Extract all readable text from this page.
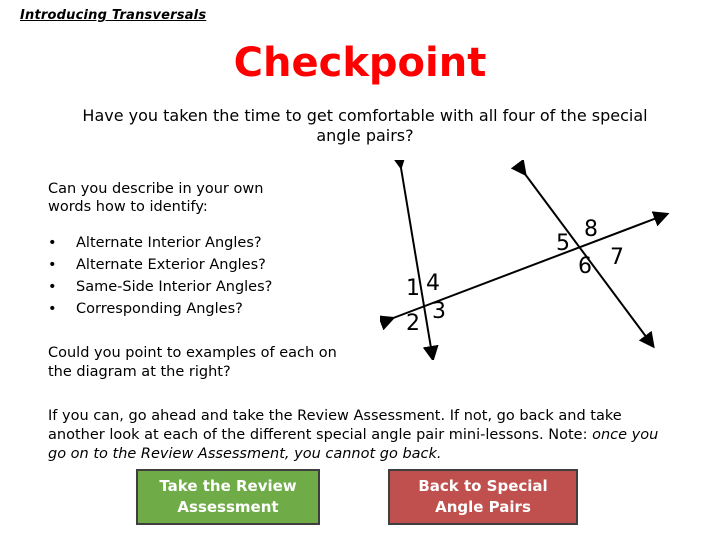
Introducing Transversals
Checkpoint
Have you taken the time to get comfortable with all four of the special angle pairs?
Can you describe in your own words how to identify:
• Alternate Interior Angles?
• Alternate Exterior Angles?
• Same-Side Interior Angles?
• Corresponding Angles?
Could you point to examples of each on the diagram at the right?
1
2 3
4
5
6 7
8
If you can, go ahead and take the Review Assessment. If not, go back and take another look at each of the different special angle pair mini-lessons. Note: once you go on to the Review Assessment, you cannot go back.
Take the Review Assessment
Back to Special Angle Pairs
